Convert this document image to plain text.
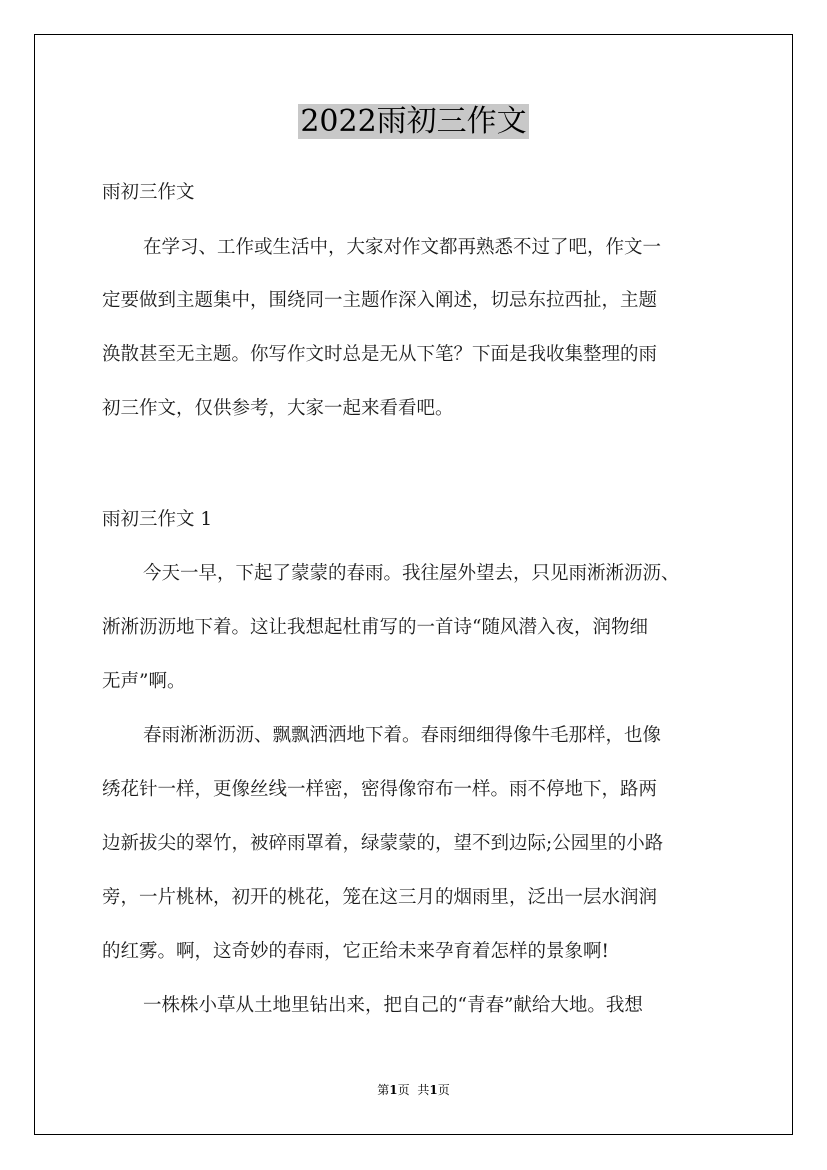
2022雨初三作文
雨初三作文
在学习、工作或生活中，大家对作文都再熟悉不过了吧，作文一
定要做到主题集中，围绕同一主题作深入阐述，切忌东拉西扯，主题
涣散甚至无主题。你写作文时总是无从下笔？下面是我收集整理的雨
初三作文，仅供参考，大家一起来看看吧。
雨初三作文 1
今天一早，下起了蒙蒙的春雨。我往屋外望去，只见雨淅淅沥沥、
淅淅沥沥地下着。这让我想起杜甫写的一首诗“随风潜入夜，润物细
无声”啊。
春雨淅淅沥沥、飘飘洒洒地下着。春雨细细得像牛毛那样，也像
绣花针一样，更像丝线一样密，密得像帘布一样。雨不停地下，路两
边新拔尖的翠竹，被碎雨罩着，绿蒙蒙的，望不到边际;公园里的小路
旁，一片桃林，初开的桃花，笼在这三月的烟雨里，泛出一层水润润
的红雾。啊，这奇妙的春雨，它正给未来孕育着怎样的景象啊!
一株株小草从土地里钻出来，把自己的“青春”献给大地。我想
第1页 共1页
